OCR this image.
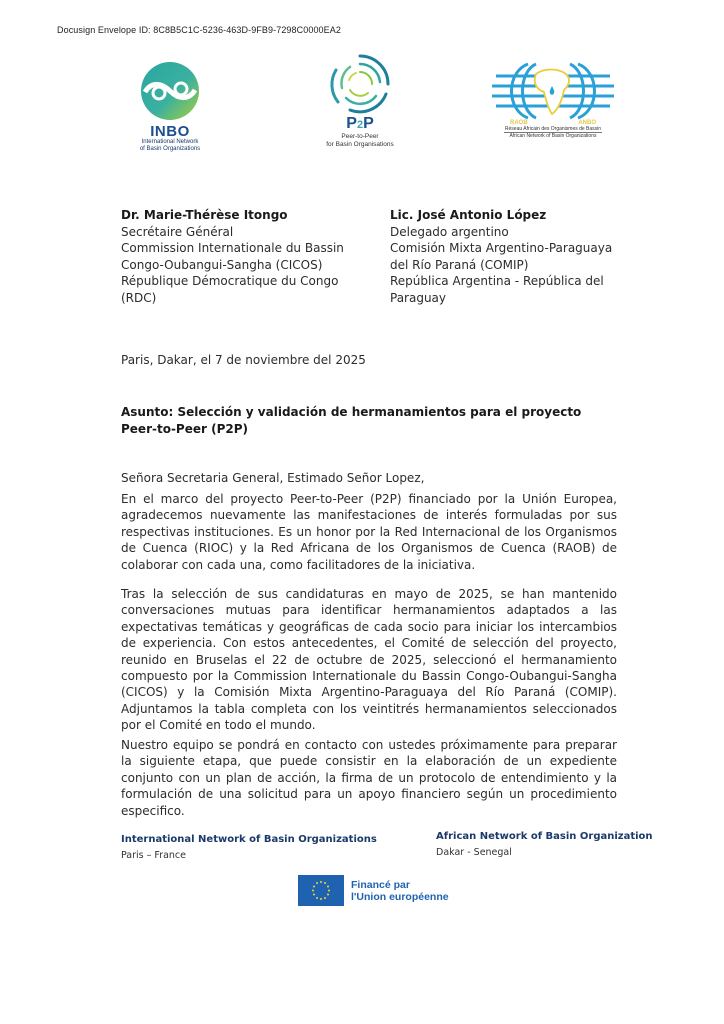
Docusign Envelope ID: 8C8B5C1C-5236-463D-9FB9-7298C0000EA2
INBO
International Network
of Basin Organizations
P2P
Peer-to-Peer
for Basin Organisations
RAOB	ANBO
Réseau Africain des Organismes de Bassin
African Network of Basin Organizations
Dr. Marie-Thérèse Itongo
Secrétaire Général
Commission Internationale du Bassin
Congo-Oubangui-Sangha (CICOS)
République Démocratique du Congo
(RDC)
Lic. José Antonio López
Delegado argentino
Comisión Mixta Argentino-Paraguaya
del Río Paraná (COMIP)
República Argentina - República del
Paraguay
Paris, Dakar, el 7 de noviembre del 2025
Asunto: Selección y validación de hermanamientos para el proyecto Peer-to-Peer (P2P)
Señora Secretaria General, Estimado Señor Lopez,
En el marco del proyecto Peer-to-Peer (P2P) financiado por la Unión Europea, agradecemos nuevamente las manifestaciones de interés formuladas por sus respectivas instituciones. Es un honor por la Red Internacional de los Organismos de Cuenca (RIOC) y la Red Africana de los Organismos de Cuenca (RAOB) de colaborar con cada una, como facilitadores de la iniciativa.
Tras la selección de sus candidaturas en mayo de 2025, se han mantenido conversaciones mutuas para identificar hermanamientos adaptados a las expectativas temáticas y geográficas de cada socio para iniciar los intercambios de experiencia. Con estos antecedentes, el Comité de selección del proyecto, reunido en Bruselas el 22 de octubre de 2025, seleccionó el hermanamiento compuesto por la Commission Internationale du Bassin Congo-Oubangui-Sangha (CICOS) y la Comisión Mixta Argentino-Paraguaya del Río Paraná (COMIP). Adjuntamos la tabla completa con los veintitrés hermanamientos seleccionados por el Comité en todo el mundo.
Nuestro equipo se pondrá en contacto con ustedes próximamente para preparar la siguiente etapa, que puede consistir en la elaboración de un expediente conjunto con un plan de acción, la firma de un protocolo de entendimiento y la formulación de una solicitud para un apoyo financiero según un procedimiento especifico.
International Network of Basin Organizations
Paris – France
African Network of Basin Organization
Dakar - Senegal
Financé par
l'Union européenne
